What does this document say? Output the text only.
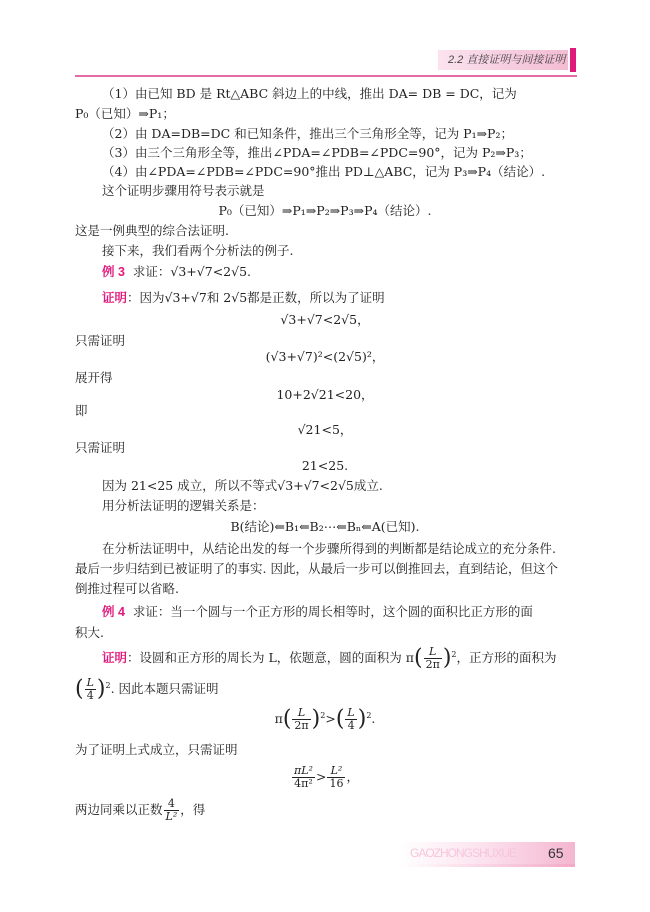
2.2 直接证明与间接证明
（1）由已知 BD 是 Rt△ABC 斜边上的中线，推出 DA= DB = DC，记为
P₀（已知）⇒P₁；
（2）由 DA=DB=DC 和已知条件，推出三个三角形全等，记为 P₁⇒P₂；
（3）由三个三角形全等，推出∠PDA=∠PDB=∠PDC=90°，记为 P₂⇒P₃；
（4）由∠PDA=∠PDB=∠PDC=90°推出 PD⊥△ABC，记为 P₃⇒P₄（结论）.
这个证明步骤用符号表示就是
P₀（已知）⇒P₁⇒P₂⇒P₃⇒P₄（结论）.
这是一例典型的综合法证明.
接下来，我们看两个分析法的例子.
例 3 求证：√3+√7<2√5.
证明：因为√3+√7和 2√5都是正数，所以为了证明
√3+√7<2√5，
只需证明
(√3+√7)²<(2√5)²，
展开得
10+2√21<20，
即
√21<5，
只需证明
21<25.
因为 21<25 成立，所以不等式√3+√7<2√5成立.
用分析法证明的逻辑关系是：
B(结论)⇐B₁⇐B₂⋯⇐Bₙ⇐A(已知).
在分析法证明中，从结论出发的每一个步骤所得到的判断都是结论成立的充分条件.
最后一步归结到已被证明了的事实. 因此，从最后一步可以倒推回去，直到结论，但这个
倒推过程可以省略.
例 4 求证：当一个圆与一个正方形的周长相等时，这个圆的面积比正方形的面
积大.
证明：设圆和正方形的周长为 L，依题意，圆的面积为 $\pi( \frac{L}{2\pi} )^2$，正方形的面积为
( $\frac{L}{4} )^2$. 因此本题只需证明
$\pi( \frac{L}{2\pi} )^2>( \frac{L}{4} )^2$.
为了证明上式成立，只需证明
$\frac{\text{πL²}}{\text{4π²}} > \frac{\text{L²}}{16}$ ，
两边同乘以正数 $\frac{4}{\text{L²}}$ ，得
GAOZHONGSHUXUE 65
